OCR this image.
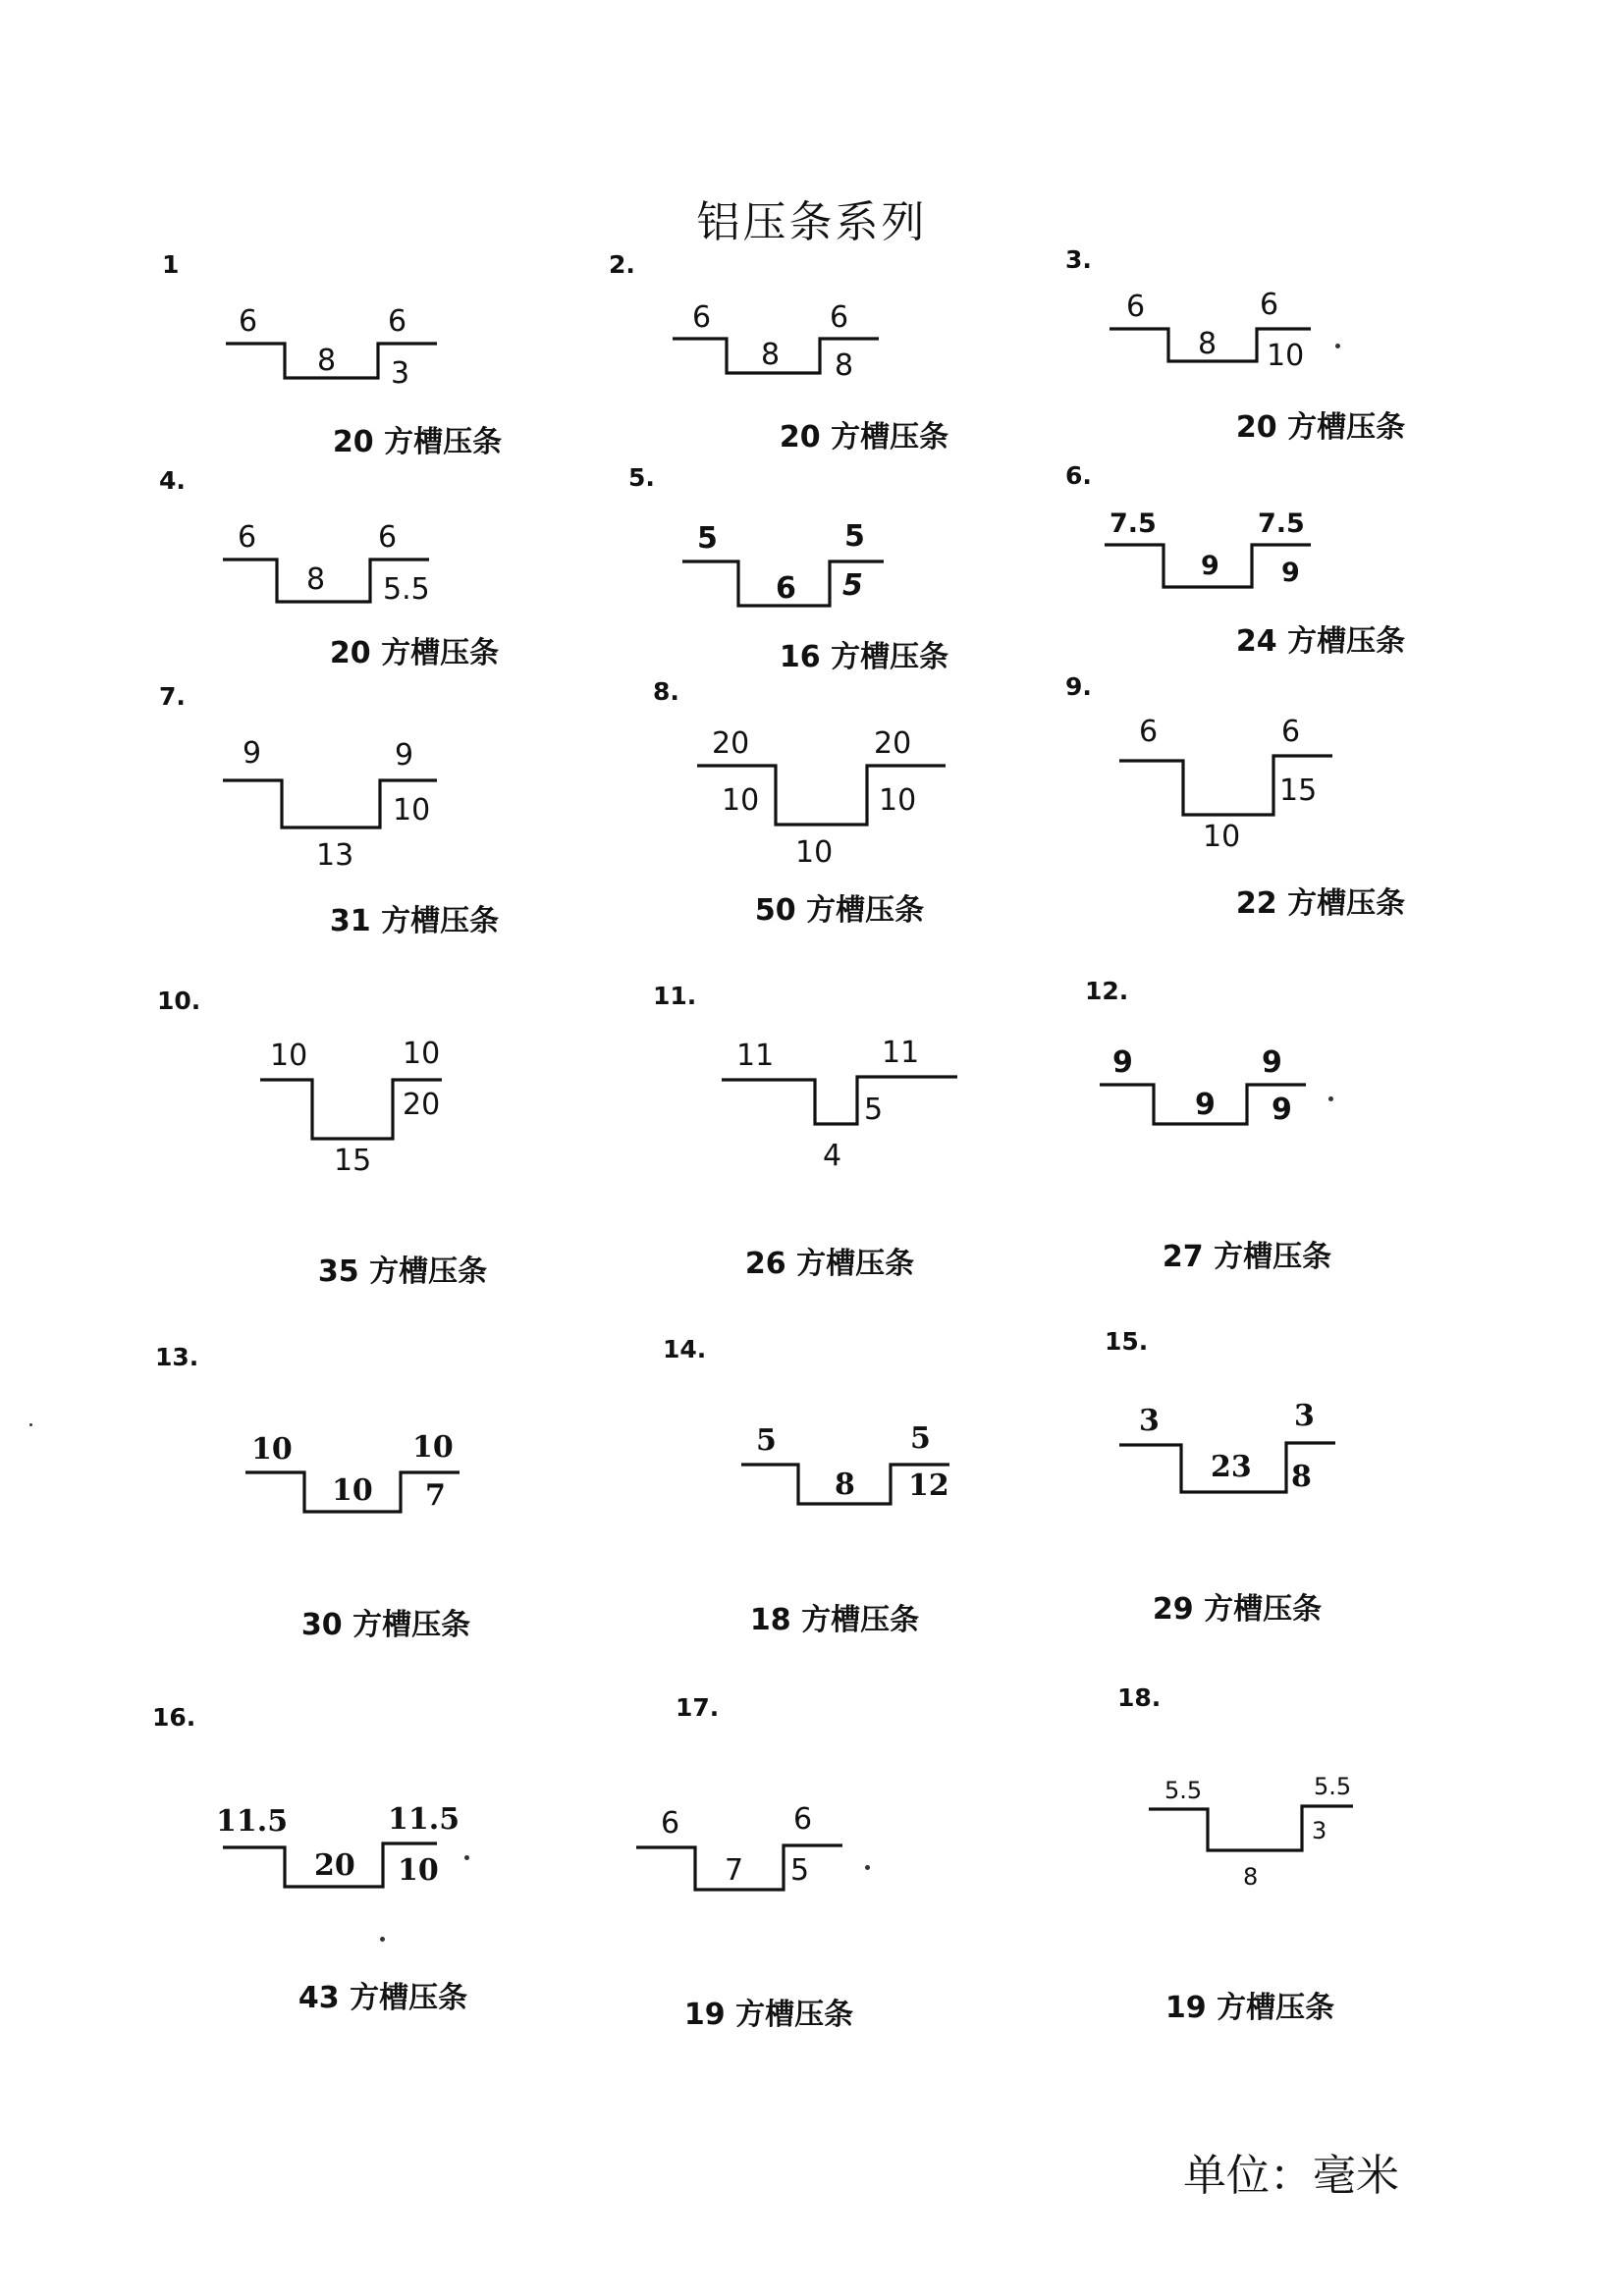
铝压条系列
1
6	6
8 3
20 方槽压条
2.
6	6
8 8
20 方槽压条
3.
6	6
8 10
20 方槽压条
4.
6	6
8 5.5
20 方槽压条
5.
5	5
6 5
16 方槽压条
6.
7.5	7.5
9 9
24 方槽压条
7.
9	9
13
10
31 方槽压条
8.
20	20
10
10
10
50 方槽压条
9.
6	6
10
15
22 方槽压条
10.
10	10
15
20
35 方槽压条
11.
11	11
4
5
26 方槽压条
12.
9	9
9 9
27 方槽压条
13.
10	10
10 7
30 方槽压条
14.
5	5
8 12
18 方槽压条
15.
3	3
23 8
29 方槽压条
16.
11.5	11.5
20 10
43 方槽压条
17.
6	6
7 5
19 方槽压条
18.
5.5	5.5
8
3
19 方槽压条
单位：毫米
